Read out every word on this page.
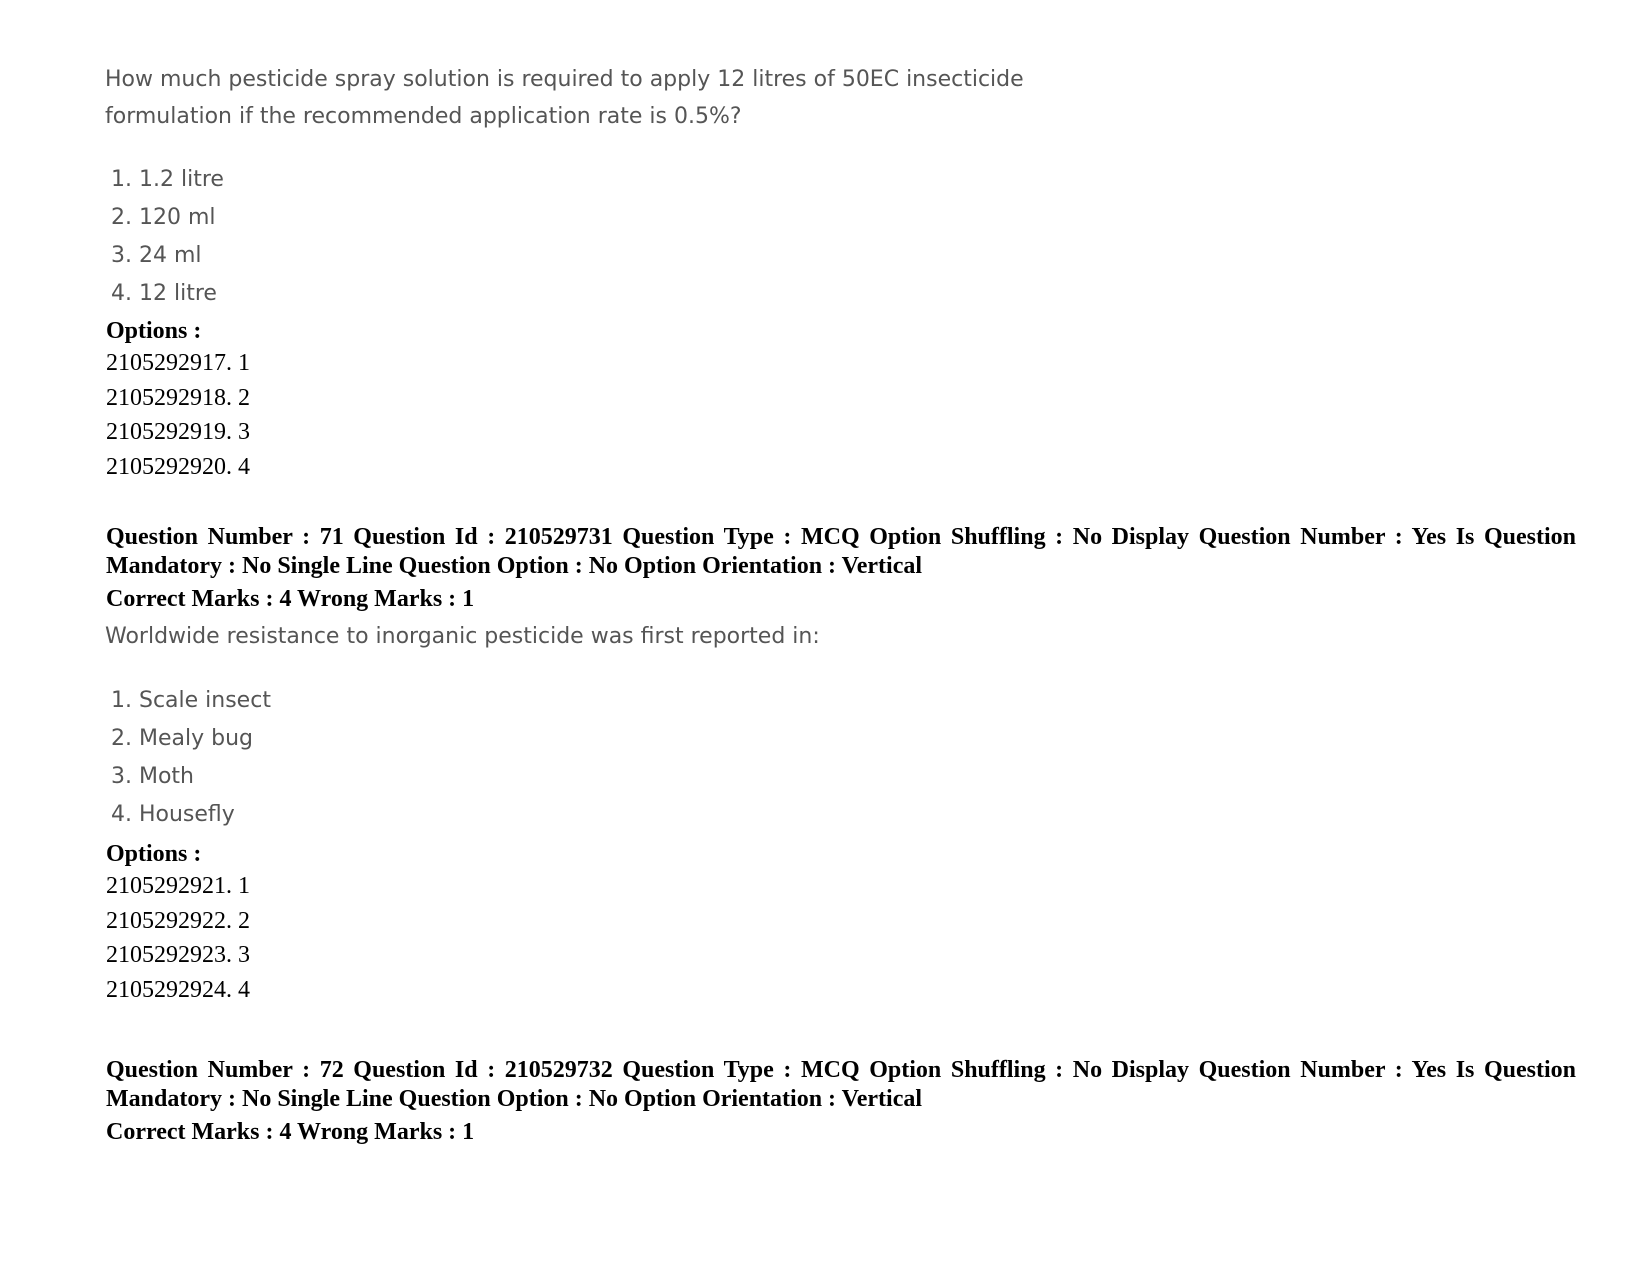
How much pesticide spray solution is required to apply 12 litres of 50EC insecticide

formulation if the recommended application rate is 0.5%?

1. 1.2 litre
2. 120 ml
3. 24 ml
4. 12 litre
Options :
2105292917. 1
2105292918. 2
2105292919. 3
2105292920. 4

Question Number : 71 Question Id : 210529731 Question Type : MCQ Option Shuffling : No Display Question Number : Yes Is Question Mandatory : No Single Line Question Option : No Option Orientation : Vertical

Correct Marks : 4 Wrong Marks : 1

Worldwide resistance to inorganic pesticide was first reported in:

1. Scale insect
2. Mealy bug
3. Moth
4. Housefly
Options :
2105292921. 1
2105292922. 2
2105292923. 3
2105292924. 4

Question Number : 72 Question Id : 210529732 Question Type : MCQ Option Shuffling : No Display Question Number : Yes Is Question Mandatory : No Single Line Question Option : No Option Orientation : Vertical

Correct Marks : 4 Wrong Marks : 1
